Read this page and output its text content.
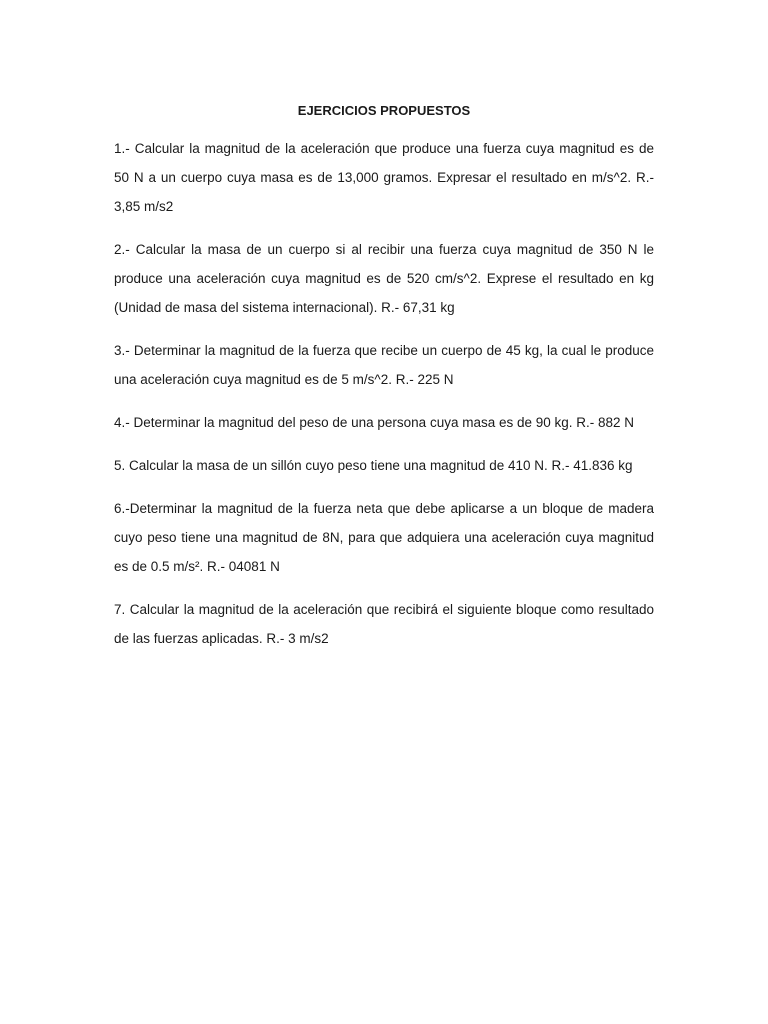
EJERCICIOS PROPUESTOS

1.- Calcular la magnitud de la aceleración que produce una fuerza cuya magnitud es de 50 N a un cuerpo cuya masa es de 13,000 gramos. Expresar el resultado en m/s^2. R.- 3,85 m/s2

2.- Calcular la masa de un cuerpo si al recibir una fuerza cuya magnitud de 350 N le produce una aceleración cuya magnitud es de 520 cm/s^2. Exprese el resultado en kg (Unidad de masa del sistema internacional). R.- 67,31 kg

3.- Determinar la magnitud de la fuerza que recibe un cuerpo de 45 kg, la cual le produce una aceleración cuya magnitud es de 5 m/s^2. R.- 225 N

4.- Determinar la magnitud del peso de una persona cuya masa es de 90 kg. R.- 882 N

5. Calcular la masa de un sillón cuyo peso tiene una magnitud de 410 N. R.- 41.836 kg

6.-Determinar la magnitud de la fuerza neta que debe aplicarse a un bloque de madera cuyo peso tiene una magnitud de 8N, para que adquiera una aceleración cuya magnitud es de 0.5 m/s². R.- 04081 N

7. Calcular la magnitud de la aceleración que recibirá el siguiente bloque como resultado de las fuerzas aplicadas. R.- 3 m/s2
